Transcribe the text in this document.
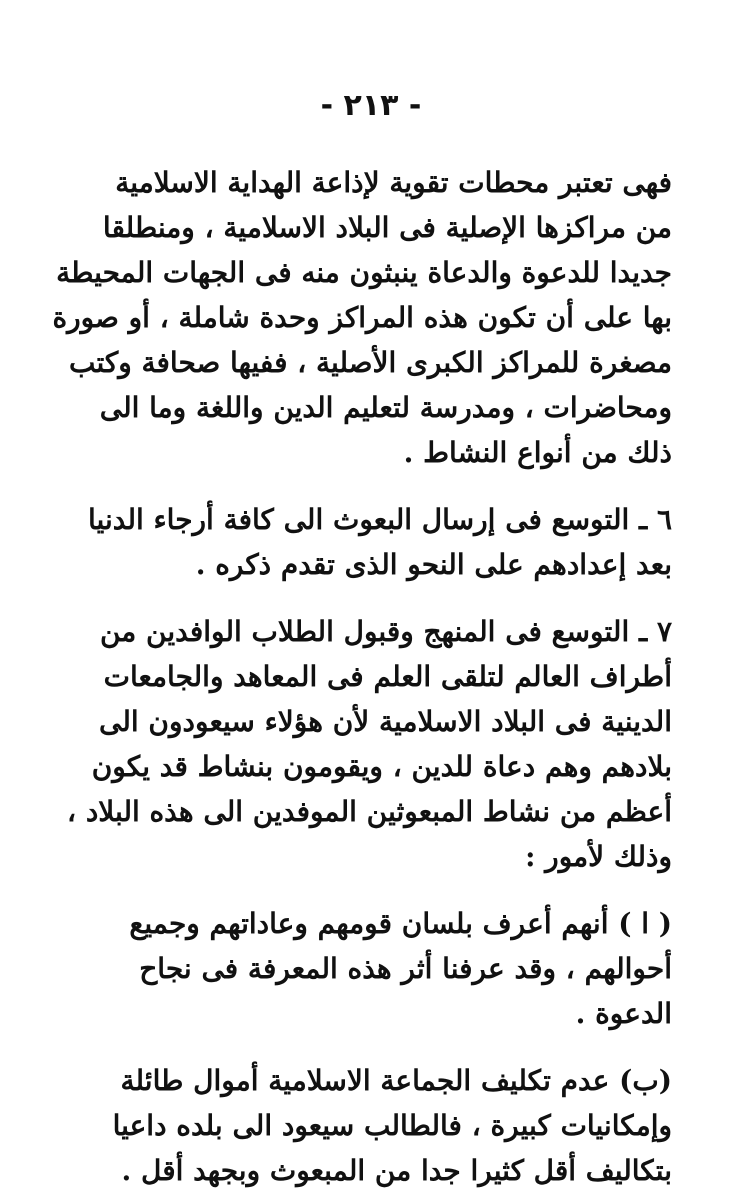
- ٢١٣ -
فهى تعتبر محطات تقوية لإذاعة الهداية الاسلامية
من مراكزها الإصلية فى البلاد الاسلامية ، ومنطلقا
جديدا للدعوة والدعاة ينبثون منه فى الجهات المحيطة
بها على أن تكون هذه المراكز وحدة شاملة ، أو صورة
مصغرة للمراكز الكبرى الأصلية ، ففيها صحافة وكتب
ومحاضرات ، ومدرسة لتعليم الدين واللغة وما الى
ذلك من أنواع النشاط .
٦ ـ التوسع فى إرسال البعوث الى كافة أرجاء الدنيا
بعد إعدادهم على النحو الذى تقدم ذكره .
٧ ـ التوسع فى المنهج وقبول الطلاب الوافدين من
أطراف العالم لتلقى العلم فى المعاهد والجامعات
الدينية فى البلاد الاسلامية لأن هؤلاء سيعودون الى
بلادهم وهم دعاة للدين ، ويقومون بنشاط قد يكون
أعظم من نشاط المبعوثين الموفدين الى هذه البلاد ،
وذلك لأمور :
( ا ) أنهم أعرف بلسان قومهم وعاداتهم وجميع
أحوالهم ، وقد عرفنا أثر هذه المعرفة فى نجاح
الدعوة .
(ب) عدم تكليف الجماعة الاسلامية أموال طائلة
وإمكانيات كبيرة ، فالطالب سيعود الى بلده داعيا
بتكاليف أقل كثيرا جدا من المبعوث وبجهد أقل .
